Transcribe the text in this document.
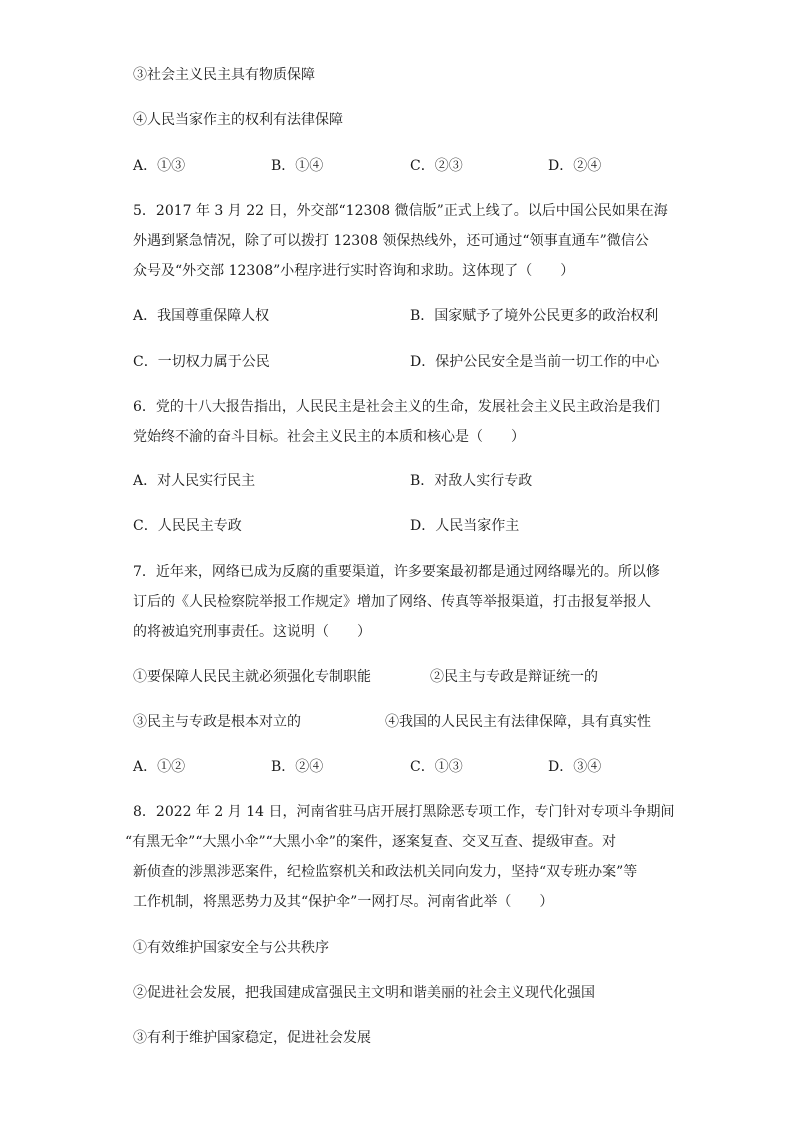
③社会主义民主具有物质保障
④人民当家作主的权利有法律保障
A．①③	B．①④	C．②③	D．②④
5．2017 年 3 月 22 日，外交部“12308 微信版”正式上线了。以后中国公民如果在海
外遇到紧急情况，除了可以拨打 12308 领保热线外，还可通过“领事直通车”微信公
众号及“外交部 12308”小程序进行实时咨询和求助。这体现了（　　）
A．我国尊重保障人权	B．国家赋予了境外公民更多的政治权利
C．一切权力属于公民	D．保护公民安全是当前一切工作的中心
6．党的十八大报告指出，人民民主是社会主义的生命，发展社会主义民主政治是我们
党始终不渝的奋斗目标。社会主义民主的本质和核心是（　　）
A．对人民实行民主	B．对敌人实行专政
C．人民民主专政	D．人民当家作主
7．近年来，网络已成为反腐的重要渠道，许多要案最初都是通过网络曝光的。所以修
订后的《人民检察院举报工作规定》增加了网络、传真等举报渠道，打击报复举报人
的将被追究刑事责任。这说明（　　）
①要保障人民民主就必须强化专制职能	②民主与专政是辩证统一的
③民主与专政是根本对立的	④我国的人民民主有法律保障，具有真实性
A．①②	B．②④	C．①③	D．③④
8．2022 年 2 月 14 日，河南省驻马店开展打黑除恶专项工作，专门针对专项斗争期间
“有黑无伞”“大黑小伞”“大黑小伞”的案件，逐案复查、交叉互查、提级审查。对
新侦查的涉黑涉恶案件，纪检监察机关和政法机关同向发力，坚持“双专班办案”等
工作机制，将黑恶势力及其“保护伞”一网打尽。河南省此举（　　）
①有效维护国家安全与公共秩序
②促进社会发展，把我国建成富强民主文明和谐美丽的社会主义现代化强国
③有利于维护国家稳定，促进社会发展
